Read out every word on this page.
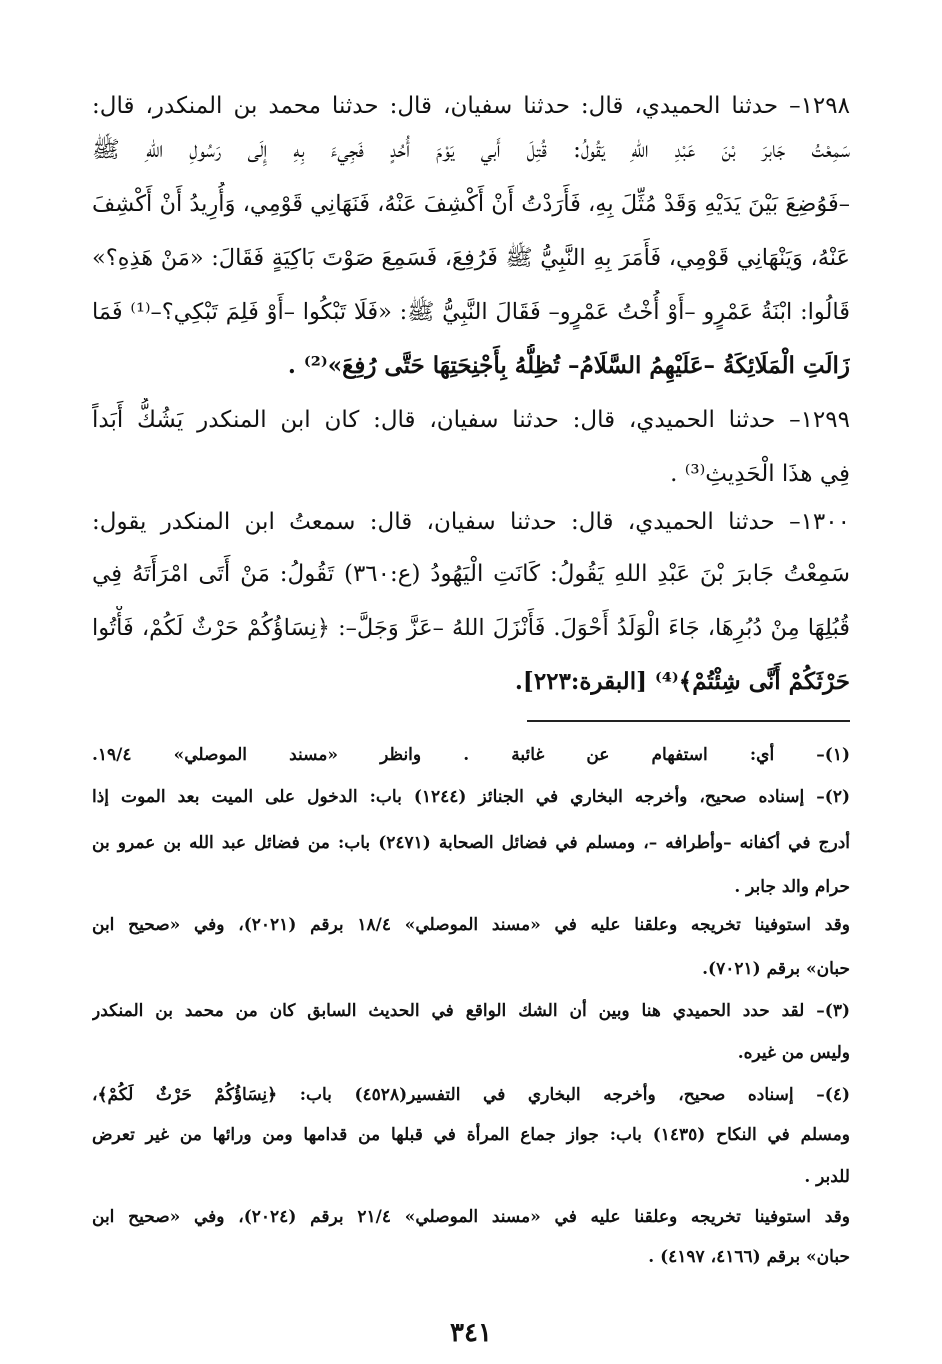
١٢٩٨– حدثنا الحميدي، قال: حدثنا سفيان، قال: حدثنا محمد بن المنكدر، قال:
سَمِعْتُ جَابرَ بْنَ عَبْدِ اللهِ يَقُولُ: قُتِلَ أَبي يَوْمَ أُحُدٍ فَجِيءَ بِهِ إِلَى رَسُولِ اللهِ ﷺ
–فَوُضِعَ بَيْنَ يَدَيْهِ وَقَدْ مُثِّلَ بِهِ، فَأَرَدْتُ أَنْ أَكْشِفَ عَنْهُ، فَنَهَانِي قَوْمِي، وَأُرِيدُ أَنْ أَكْشِفَ
عَنْهُ، وَيَنْهَانِي قَوْمِي، فَأَمَرَ بِهِ النَّبِيُّ ﷺ فَرُفِعَ، فَسَمِعَ صَوْتَ بَاكِيَةٍ فَقَالَ: «مَنْ هَذِهِ؟»
قَالُوا: ابْنَةُ عَمْرٍو –أَوْ أُخْتُ عَمْرٍو– فَقَالَ النَّبِيُّ ﷺ: «فَلَا تَبْكُوا –أَوْ فَلِمَ تَبْكِي؟–⁽¹⁾ فَمَا
زَالَتِ الْمَلَائِكَةُ –عَلَيْهِمُ السَّلَامُ– تُظِلُّهُ بِأَجْنِحَتِهَا حَتَّى رُفِعَ»⁽²⁾ .
١٢٩٩– حدثنا الحميدي، قال: حدثنا سفيان، قال: كان ابن المنكدر يَشُكُّ أَبَداً
فِي هذَا الْحَدِيثِ⁽³⁾ .
١٣٠٠– حدثنا الحميدي، قال: حدثنا سفيان، قال: سمعتُ ابن المنكدر يقول:
سَمِعْتُ جَابرَ بْنَ عَبْدِ اللهِ يَقُولُ: كَانَتِ الْيَهُودُ (ع:٣٦٠) تَقُولُ: مَنْ أَتَى امْرَأَتَهُ فِي
قُبُلِهَا مِنْ دُبُرِهَا، جَاءَ الْوَلَدُ أَحْوَلَ. فَأَنْزَلَ اللهُ –عَزَّ وَجَلَّ–: ﴿نِسَاؤُكُمْ حَرْثٌ لَكُمْ، فَأْتُوا
حَرْثَكُمْ أَنَّى شِئْتُمْ﴾⁽⁴⁾ [البقرة:٢٢٣].
(١)– أي: استفهام عن غائبة . وانظر «مسند الموصلي» ١٩/٤.
(٢)– إسناده صحيح، وأخرجه البخاري في الجنائز (١٢٤٤) باب: الدخول على الميت بعد الموت إذا
أدرج في أكفانه –وأطرافه –، ومسلم في فضائل الصحابة (٢٤٧١) باب: من فضائل عبد الله بن عمرو بن
حرام والد جابر .
وقد استوفينا تخريجه وعلقنا عليه في «مسند الموصلي» ١٨/٤ برقم (٢٠٢١)، وفي «صحيح ابن
حبان» برقم (٧٠٢١).
(٣)– لقد حدد الحميدي هنا وبين أن الشك الواقع في الحديث السابق كان من محمد بن المنكدر
وليس من غيره.
(٤)– إسناده صحيح، وأخرجه البخاري في التفسير(٤٥٢٨) باب: ﴿نِسَاؤُكُمْ حَرْثٌ لَكُمْ﴾،
ومسلم في النكاح (١٤٣٥) باب: جواز جماع المرأة في قبلها من قدامها ومن ورائها من غير تعرض
للدبر .
وقد استوفينا تخريجه وعلقنا عليه في «مسند الموصلي» ٢١/٤ برقم (٢٠٢٤)، وفي «صحيح ابن
حبان» برقم (٤١٦٦، ٤١٩٧) .
٣٤١
